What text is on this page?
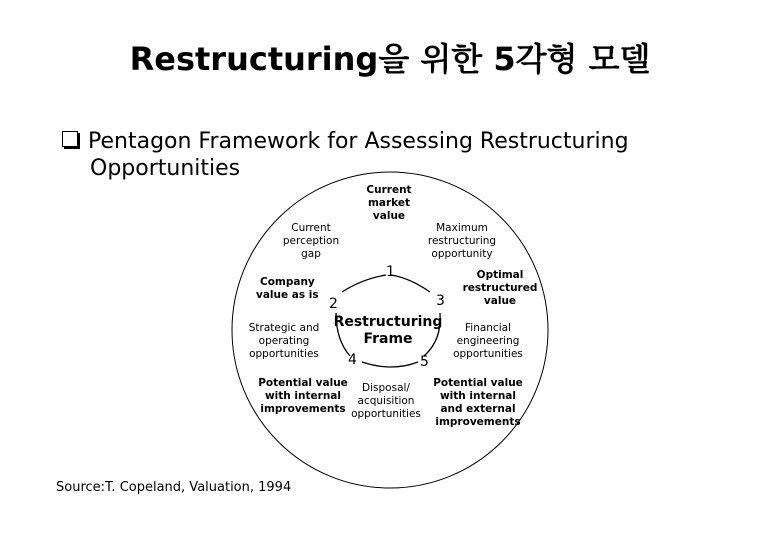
Restructuring을 위한 5각형 모델
Pentagon Framework for Assessing Restructuring
Opportunities
1
2	3
4	5
Restructuring
Frame
Current
market
value
Current
perception
gap
Maximum
restructuring
opportunity
Company
value as is
Optimal
restructured
value
Strategic and
operating
opportunities
Financial
engineering
opportunities
Potential value
with internal
improvements
Disposal/
acquisition
opportunities
Potential value
with internal
and external
improvements
Source:T. Copeland, Valuation, 1994
